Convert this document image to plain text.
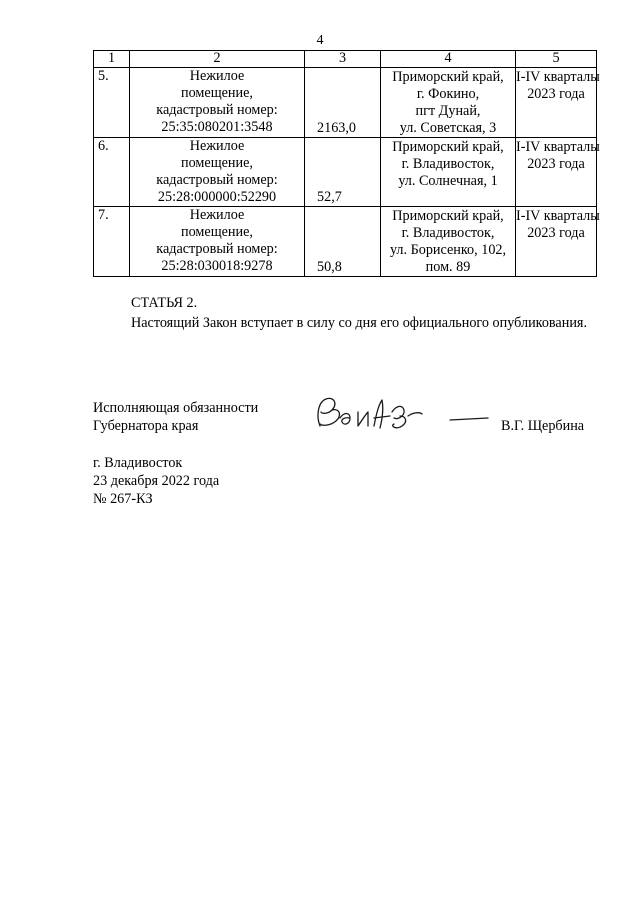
4
1	2	3	4	5
5.	Нежилое
помещение,
кадастровый номер:
25:35:080201:3548	2163,0	Приморский край,
г. Фокино,
пгт Дунай,
ул. Советская, 3	I-IV кварталы
2023 года

6.	Нежилое
помещение,
кадастровый номер:
25:28:000000:52290	52,7	Приморский край,
г. Владивосток,
ул. Солнечная, 1	I-IV кварталы
2023 года

7.	Нежилое
помещение,
кадастровый номер:
25:28:030018:9278	50,8	Приморский край,
г. Владивосток,
ул. Борисенко, 102,
пом. 89	I-IV кварталы
2023 года
СТАТЬЯ 2.

Настоящий Закон вступает в силу со дня его официального опубликования.

Исполняющая обязанности
Губернатора края	В.Г. Щербина
г. Владивосток
23 декабря 2022 года
№ 267-КЗ
